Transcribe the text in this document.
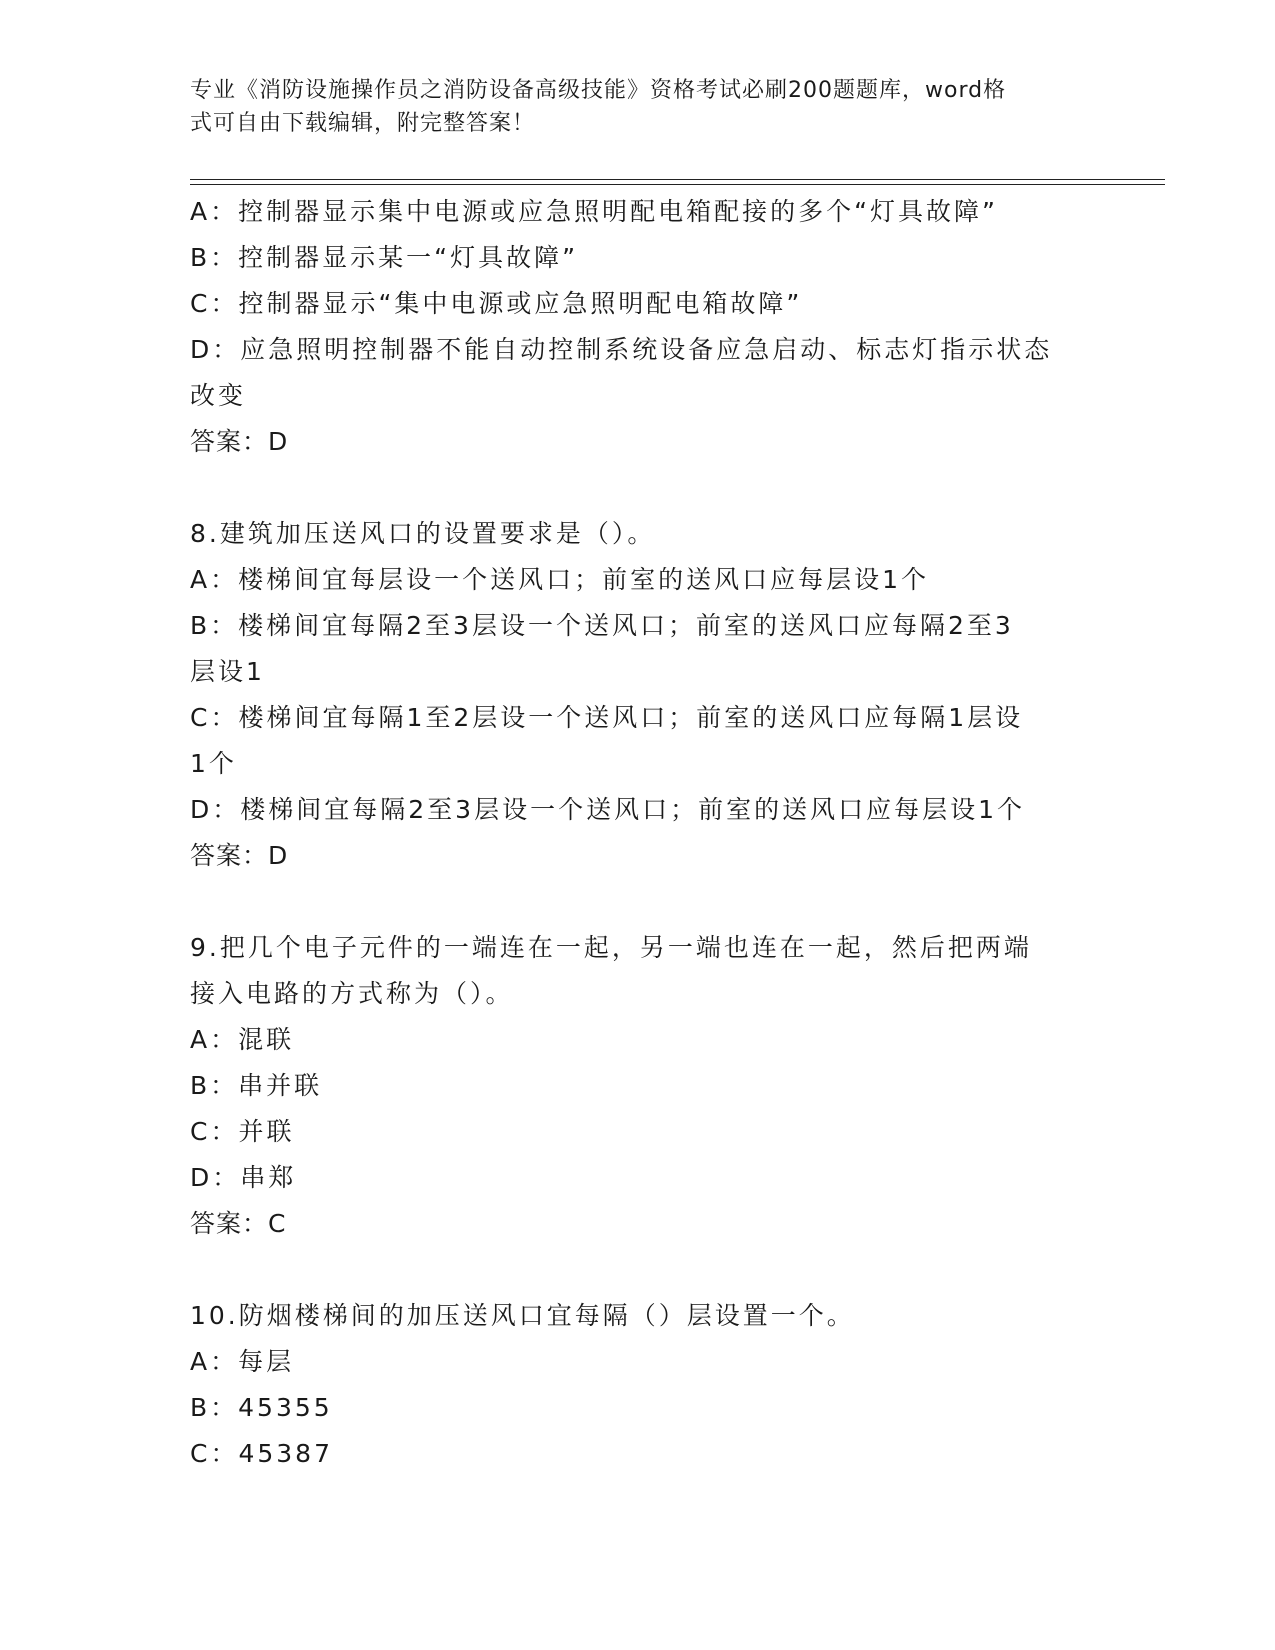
专业《消防设施操作员之消防设备高级技能》资格考试必刷200题题库，word格
式可自由下载编辑，附完整答案！
A：控制器显示集中电源或应急照明配电箱配接的多个“灯具故障”
B：控制器显示某一“灯具故障”
C：控制器显示“集中电源或应急照明配电箱故障”
D：应急照明控制器不能自动控制系统设备应急启动、标志灯指示状态
改变
答案：D
8.建筑加压送风口的设置要求是（）。
A：楼梯间宜每层设一个送风口；前室的送风口应每层设1个
B：楼梯间宜每隔2至3层设一个送风口；前室的送风口应每隔2至3
层设1
C：楼梯间宜每隔1至2层设一个送风口；前室的送风口应每隔1层设
1个
D：楼梯间宜每隔2至3层设一个送风口；前室的送风口应每层设1个
答案：D
9.把几个电子元件的一端连在一起，另一端也连在一起，然后把两端
接入电路的方式称为（）。
A：混联
B：串并联
C：并联
D：串郑
答案：C
10.防烟楼梯间的加压送风口宜每隔（）层设置一个。
A：每层
B：45355
C：45387
